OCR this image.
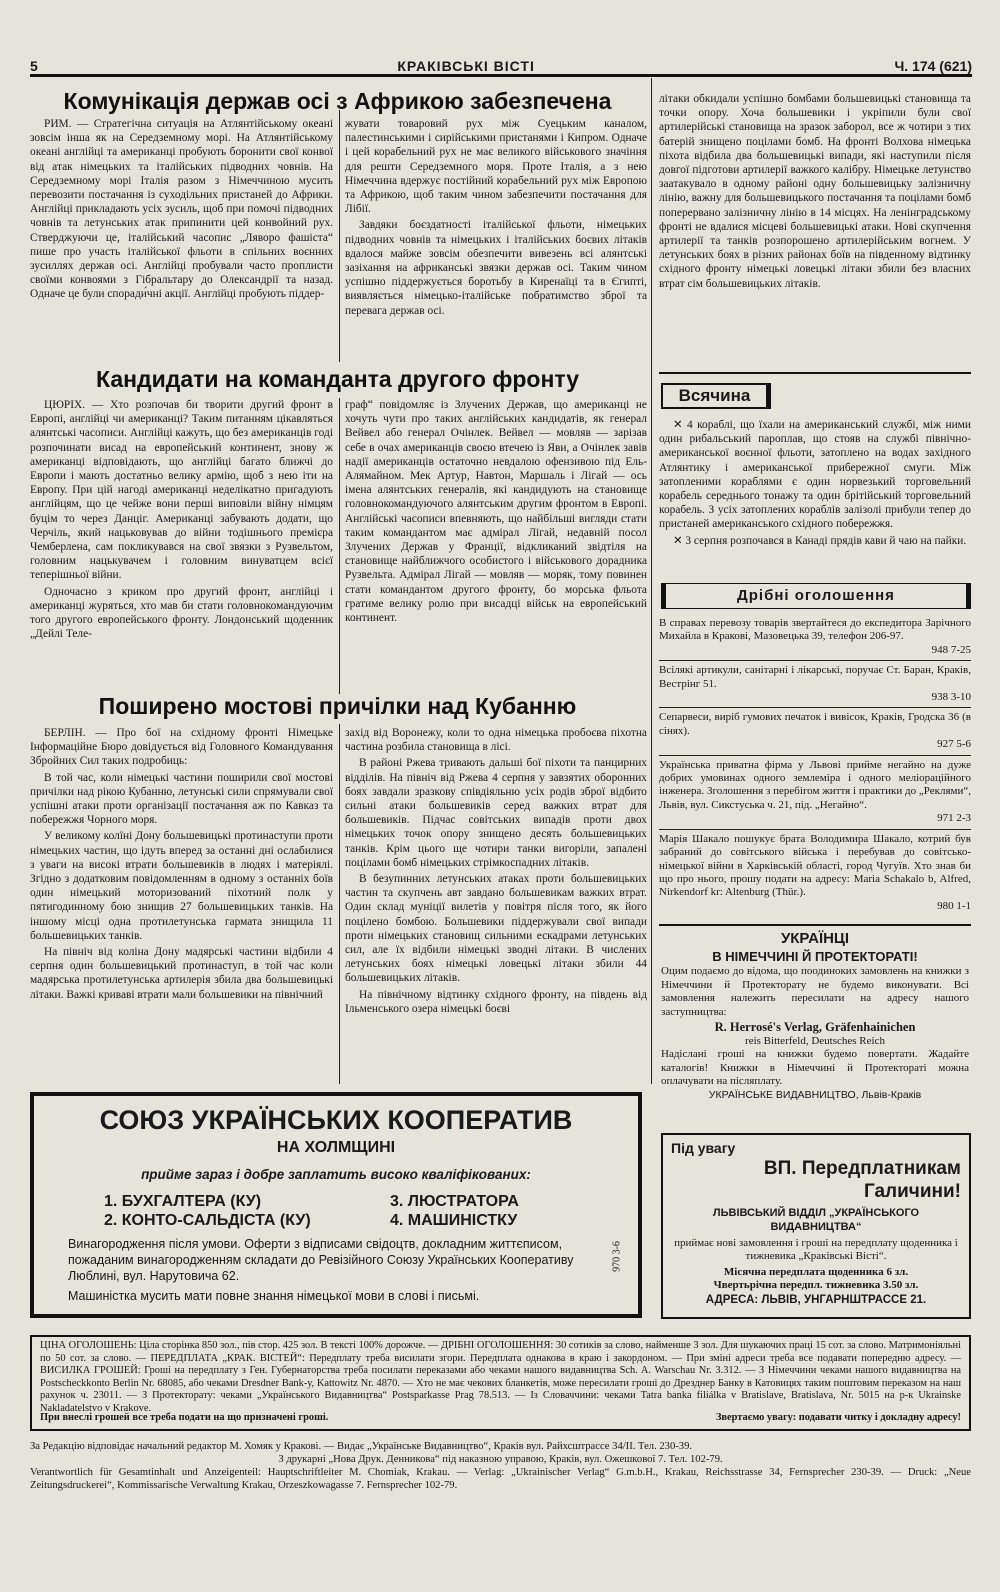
5	КРАКІВСЬКІ ВІСТІ	Ч. 174 (621)
Комунікація держав осі з Африкою забезпечена

РИМ. — Стратегічна ситуація на Атлянтійському океані зовсім інша як на Середземному морі. На Атлянтійському океані англійці та американці пробують боронити свої конвої від атак німецьких та італійських підводних човнів. На Середземному морі Італія разом з Німеччиною мусить перевозити постачання із суходільних пристаней до Африки. Англійці прикладають усіх зусиль, щоб при помочі підводних човнів та летунських атак припинити цей конвойний рух. Стверджуючи це, італійський часопис „Лявоpo фашіста“ пише про участь італійської фльоти в спільних воєнних зусиллях держав осі. Англійці пробували часто проплисти своїми конвоями з Гібральтару до Олександрії та назад. Одначе це були споради́чні акції. Англійці пробують піддер-

жувати товаровий рух між Суецьким каналом, палестинськими і сирійськими пристанями і Кипром. Одначе і цей корабельний рух не має великого військового значіння для решти Середземного моря. Проте Італія, а з нею Німеччина вдержує постійний корабельний рух між Европою та Африкою, щоб таким чином забезпечити постачання для Лібії.

Завдяки боєздатності італійської фльоти, німецьких підводних човнів та німецьких і італійських боєвих літаків вдалося майже зовсім обезпечити вивезень всі алянтські зазіхання на африканські звязки держав осі. Таким чином успішно піддержується боротьбу в Киренаїці та в Єгипті, виявляється німецько-італійське побратимство зброї та перевага держав осі.

Кандидати на команданта другого фронту

ЦЮРІХ. — Хто розпочав би творити другий фронт в Европі, англійці чи американці? Таким питанням цікавляться алянтські часописи. Англійці кажуть, що без американців годі розпочинати висад на европейський континент, знову ж американці відповідають, що англійці багато ближчі до Европи і мають достатньо велику армію, щоб з нею іти на Европу. При цій нагоді американці неделікатно пригадують англійцям, що це чейже вони перші виповіли війну німцям буцім то через Данціг. Американці забувають додати, що Черчіль, який нацьковував до війни тодішнього премієра Чемберлена, сам покликувався на свої звязки з Рузвельтом, головним нацькувачем і головним винуватцем всієї теперішньої війни.

Одночасно з криком про другий фронт, англійці і американці журяться, хто мав би стати головнокомандуючим того другого европейського фронту. Лондонський щоденник „Дейлі Теле-

граф“ повідомляє із Злучених Держав, що американці не хочуть чути про таких англійських кандидатів, як генерал Вейвел або генерал Очінлек. Вейвел — мовляв — зарізав себе в очах американців своєю втечею із Яви, а Очінлек завів надії американців остаточно невдалою офензивою під Ель-Алямайном. Мек Артур, Навтон, Маршаль і Лігай — ось імена алянтських генералів, які кандидують на становище головнокомандуючого алянтським другим фронтом в Европі. Англійські часописи впевняють, що найбільші вигляди стати таким командантом має адмірал Лігай, недавній посол Злучених Держав у Франції, відкликаний звідтіля на становище найближчого особистого і військового дорадника Рузвельта. Адмірал Лігай — мовляв — моряк, тому повинен стати командантом другого фронту, бо морська фльота гратиме велику ролю при висадці військ на европейський континент.

Поширено мостові причілки над Кубанню

БЕРЛІН. — Про бої на східному фронті Німецьке Інформаційне Бюро довідується від Головного Командування Збройних Сил таких подробиць:

В той час, коли німецькі частини поширили свої мостові причілки над рікою Кубанню, летунські сили спрямували свої успішні атаки проти організації постачання аж по Кавказ та побережжя Чорного моря.

У великому колїні Дону большевицькі протинаступи проти німецьких частин, що ідуть вперед за останні дні ослабилися з уваги на високі втрати большевиків в людях і матеріялі. Згідно з додатковим повідомленням в одному з останніх боїв один німецький моторизований піхотний полк у пятигодинному бою знищив 27 большевицьких танків. На іншому місці одна протилетунська гармата знищила 11 большевицьких танків.

На північ від коліна Дону мадярські частини відбили 4 серпня один большевицький протинаступ, в той час коли мадярська протилетунська артилерія збила два большевицькі літаки. Важкі криваві втрати мали большевики на північний

захід від Воронежу, коли то одна німецька пробоєва піхотна частина розбила становища в лісі.

В районі Ржева тривають дальші бої піхоти та панцирних відділів. На північ від Ржева 4 серпня у завзятих оборонних боях завдали зразкову співдіяльню усіх родів зброї відбито сильні атаки большевиків серед важких втрат для большевиків. Підчас совітських випадів проти двох німецьких точок опору знищено десять большевицьких танків. Крім цього ще чотири танки вигоріли, запалені поцілами бомб німецьких стрімкоспадних літаків.

В безупинних летунських атаках проти большевицьких частин та скупчень авт завдано большевикам важких втрат. Один склад муніції вилетів у повітря після того, як його поцілено бомбою. Большевики піддержували свої випади проти німецьких становищ сильними ескадрами летунських сил, але їх відбили німецькі зводні літаки. В числених летунських боях німецькі ловецькі літаки збили 44 большевицьких літаків.

На північному відтинку східного фронту, на південь від Ільменського озера німецькі боєві

літаки обкидали успішно бомбами большевицькі становища та точки опору. Хоча большевики і укріпили були свої артилерійські становища на зразок заборол, все ж чотири з тих батерій знищено поцілами бомб. На фронті Волхова німецька піхота відбила два большевицькі випади, які наступили після довгої підготови артилерії важкого калібру. Німецьке летунство заатакувало в одному районі одну большевицьку залізничну лінію, важну для большевицького постачання та поцілами бомб поперервано залізничну лінію в 14 місцях. На ленінградському фронті не вдалися місцеві большевицькі атаки. Нові скупчення артилерії та танків розпорошено артилерійським вогнем. У летунських боях в різних районах боїв на південному відтинку східного фронту німецькі ловецькі літаки збили без власних втрат сім большевицьких літаків.

Всячина

✕ 4 кораблі, що їхали на американський службі, між ними один рибальський пароплав, що стояв на службі північно-американської воєнної фльоти, затоплено на водах західного Атлянтику і американської прибережної смуги. Між затопленими кораблями є один норвезький торговельний корабель середнього тонажу та один брітійський торговельний корабель. З усіх затоплених кораблів залізолі прибули тепер до пристаней американського східного побережжя.

✕ 3 серпня розпочався в Канаді прядів кави й чаю на пайки.

Дрібні оголошення
В справах перевозу товарів звертайтеся до експедитора Зарічного Михайла в Кракові, Мазовецька 39, телефон 206-97.
948 7-25
Всілякі артикули, санітарні і лікарські, поручає Ст. Баран, Краків, Вестрінг 51.
938 3-10
Сепарвеси, виріб гумових печаток і вивісок, Краків, Гродска 36 (в сінях).
927 5-6
Українська приватна фірма у Львові прийме негайно на дуже добрих умовинах одного землеміра і одного меліораційного інженера. Зголошення з перебігом життя і практики до „Реклями“, Львів, вул. Сикстуська ч. 21, під. „Негайно“.
971 2-3
Марія Шакало пошукує брата Володимира Шакало, котрий був забраний до совітського війська і перебував до совітсько-німецької війни в Харківській області, город Чугуїв. Хто знав би що про нього, прошу подати на адресу: Maria Schakalo b, Alfred, Nirkendorf kr: Altenburg (Thür.).
980 1-1
УКРАЇНЦІ
В НІМЕЧЧИНІ Й ПРОТЕКТОРАТІ!
Оцим подаємо до відома, що поодиноких замовлень на книжки з Німеччини й Протекторату не будемо виконувати. Всі замовлення належить пересилати на адресу нашого заступництва:
R. Herrosé's Verlag, Gräfenhainichen
reis Bitterfeld, Deutsches Reich
Надіслані гроші на книжки будемо повертати. Жадайте каталогів! Книжки в Німеччині й Протектораті можна оплачувати на післяплату.
УКРАЇНСЬКЕ ВИДАВНИЦТВО, Львів-Краків
Під увагу
ВП. Передплатникам
Галичини!
ЛЬВІВСЬКИЙ ВІДДІЛ „УКРАЇНСЬКОГО ВИДАВНИЦТВА“
приймає нові замовлення і гроші на передплату щоденника і тижневика „Краківські Вісті“.
Місячна передплата щоденника 6 зл.
Чвертьрічна передпл. тижневика 3.50 зл.
АДРЕСА: ЛЬВІВ, УНГАРНШТРАССЕ 21.
СОЮЗ УКРАЇНСЬКИХ КООПЕРАТИВ
НА ХОЛМЩИНІ
прийме зараз і добре заплатить високо кваліфікованих:
1. БУХГАЛТЕРА (КУ)
2. КОНТО-САЛЬДІСТА (КУ)
3. ЛЮСТРАТОРА
4. МАШИНІСТКУ
Винагородження після умови. Оферти з відписами свідоцтв, докладним життєписом, пожаданим винагородженням складати до Ревізійного Союзу Українських Кооперативу Люблині, вул. Нарутовича 62.
Машиністка мусить мати повне знання німецької мови в слові і письмі.
970 3-6
ЦІНА ОГОЛОШЕНЬ: Ціла сторінка 850 зол., пів стор. 425 зол. В тексті 100% дорожче. — ДРІБНІ ОГОЛОШЕННЯ: 30 сотиків за слово, найменше 3 зол. Для шукаючих праці 15 сот. за слово. Матримоніяльні по 50 сот. за слово. — ПЕРЕДПЛАТА „КРАК. ВІСТЕЙ“: Передплату треба висилати згори. Передплата однакова в краю і закордоном. — При зміні адреси треба все подавати попередню адресу. — ВИСИЛКА ГРОШЕЙ: Гроші на передплату з Ген. Губернаторства треба посилати переказами або чеками нашого видавництва Sch. A. Warschau Nr. 3.312. — З Німеччини чеками нашого видавництва на Postscheckkonto Berlin Nr. 68085, або чеками Dresdner Bank-у, Kattowitz Nr. 4870. — Хто не має чекових бланкетів, може пересилати гроші до Дрезднер Банку в Катовицях таким поштовим переказом на наш рахунок ч. 23011. — З Протекторату: чеками „Українського Видавництва“ Postsparkasse Prag 78.513. — Із Словаччини: чеками Tatra banka filiálka v Bratislave, Bratislava, Nr. 5015 на р-к Ukrainske Nakladatelstvo v Krakove.
При внеслі грошей все треба подати на що призначені гроші.	Звертаємо увагу: подавати читку і докладну адресу!
За Редакцію відповідає начальний редактор М. Хомяк у Кракові. — Видає „Українське Видавництво“, Краків вул. Райхсштрассе 34/ІІ. Тел. 230-39.
З друкарні „Нова Друк. Денникова“ під наказною управою, Краків, вул. Ожешкової 7. Тел. 102-79.
Verantwortlich für Gesamtinhalt und Anzeigenteil: Hauptschriftleiter M. Chomiak, Krakau. — Verlag: „Ukrainischer Verlag“ G.m.b.H., Krakau, Reichsstrasse 34, Fernsprecher 230-39. — Druck: „Neue Zeitungsdruckerei“, Kommissarische Verwaltung Krakau, Orzeszkowagasse 7. Fernsprecher 102-79.
